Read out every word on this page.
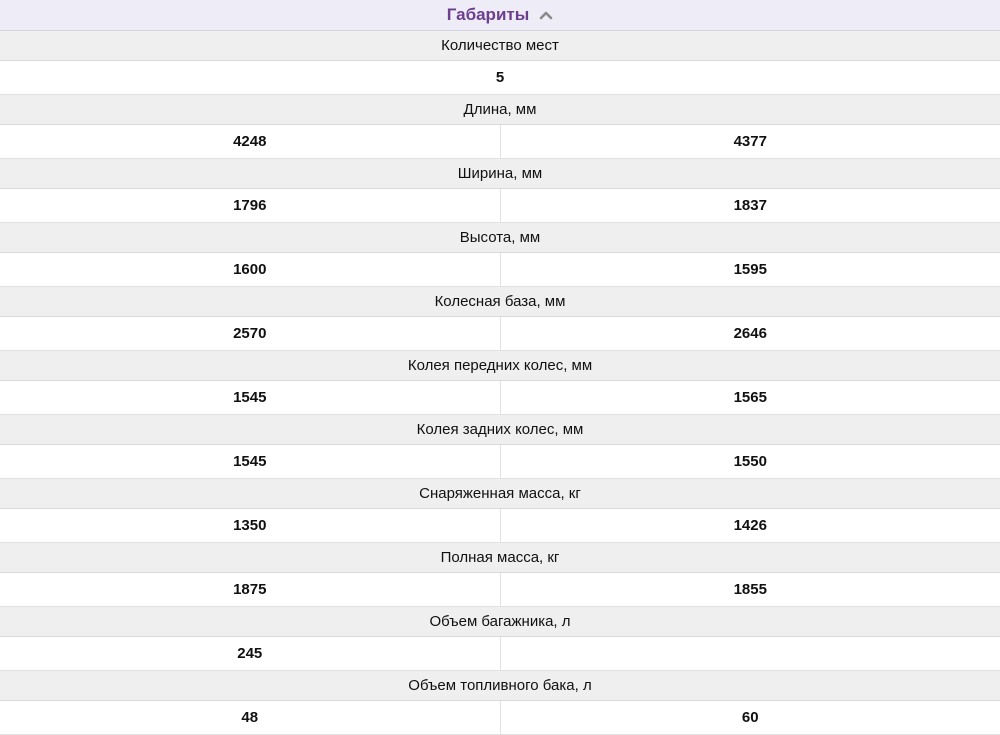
Габариты
Количество мест
5
Длина, мм
4248	4377
Ширина, мм
1796	1837
Высота, мм
1600	1595
Колесная база, мм
2570	2646
Колея передних колес, мм
1545	1565
Колея задних колес, мм
1545	1550
Снаряженная масса, кг
1350	1426
Полная масса, кг
1875	1855
Объем багажника, л
245
Объем топливного бака, л
48	60
